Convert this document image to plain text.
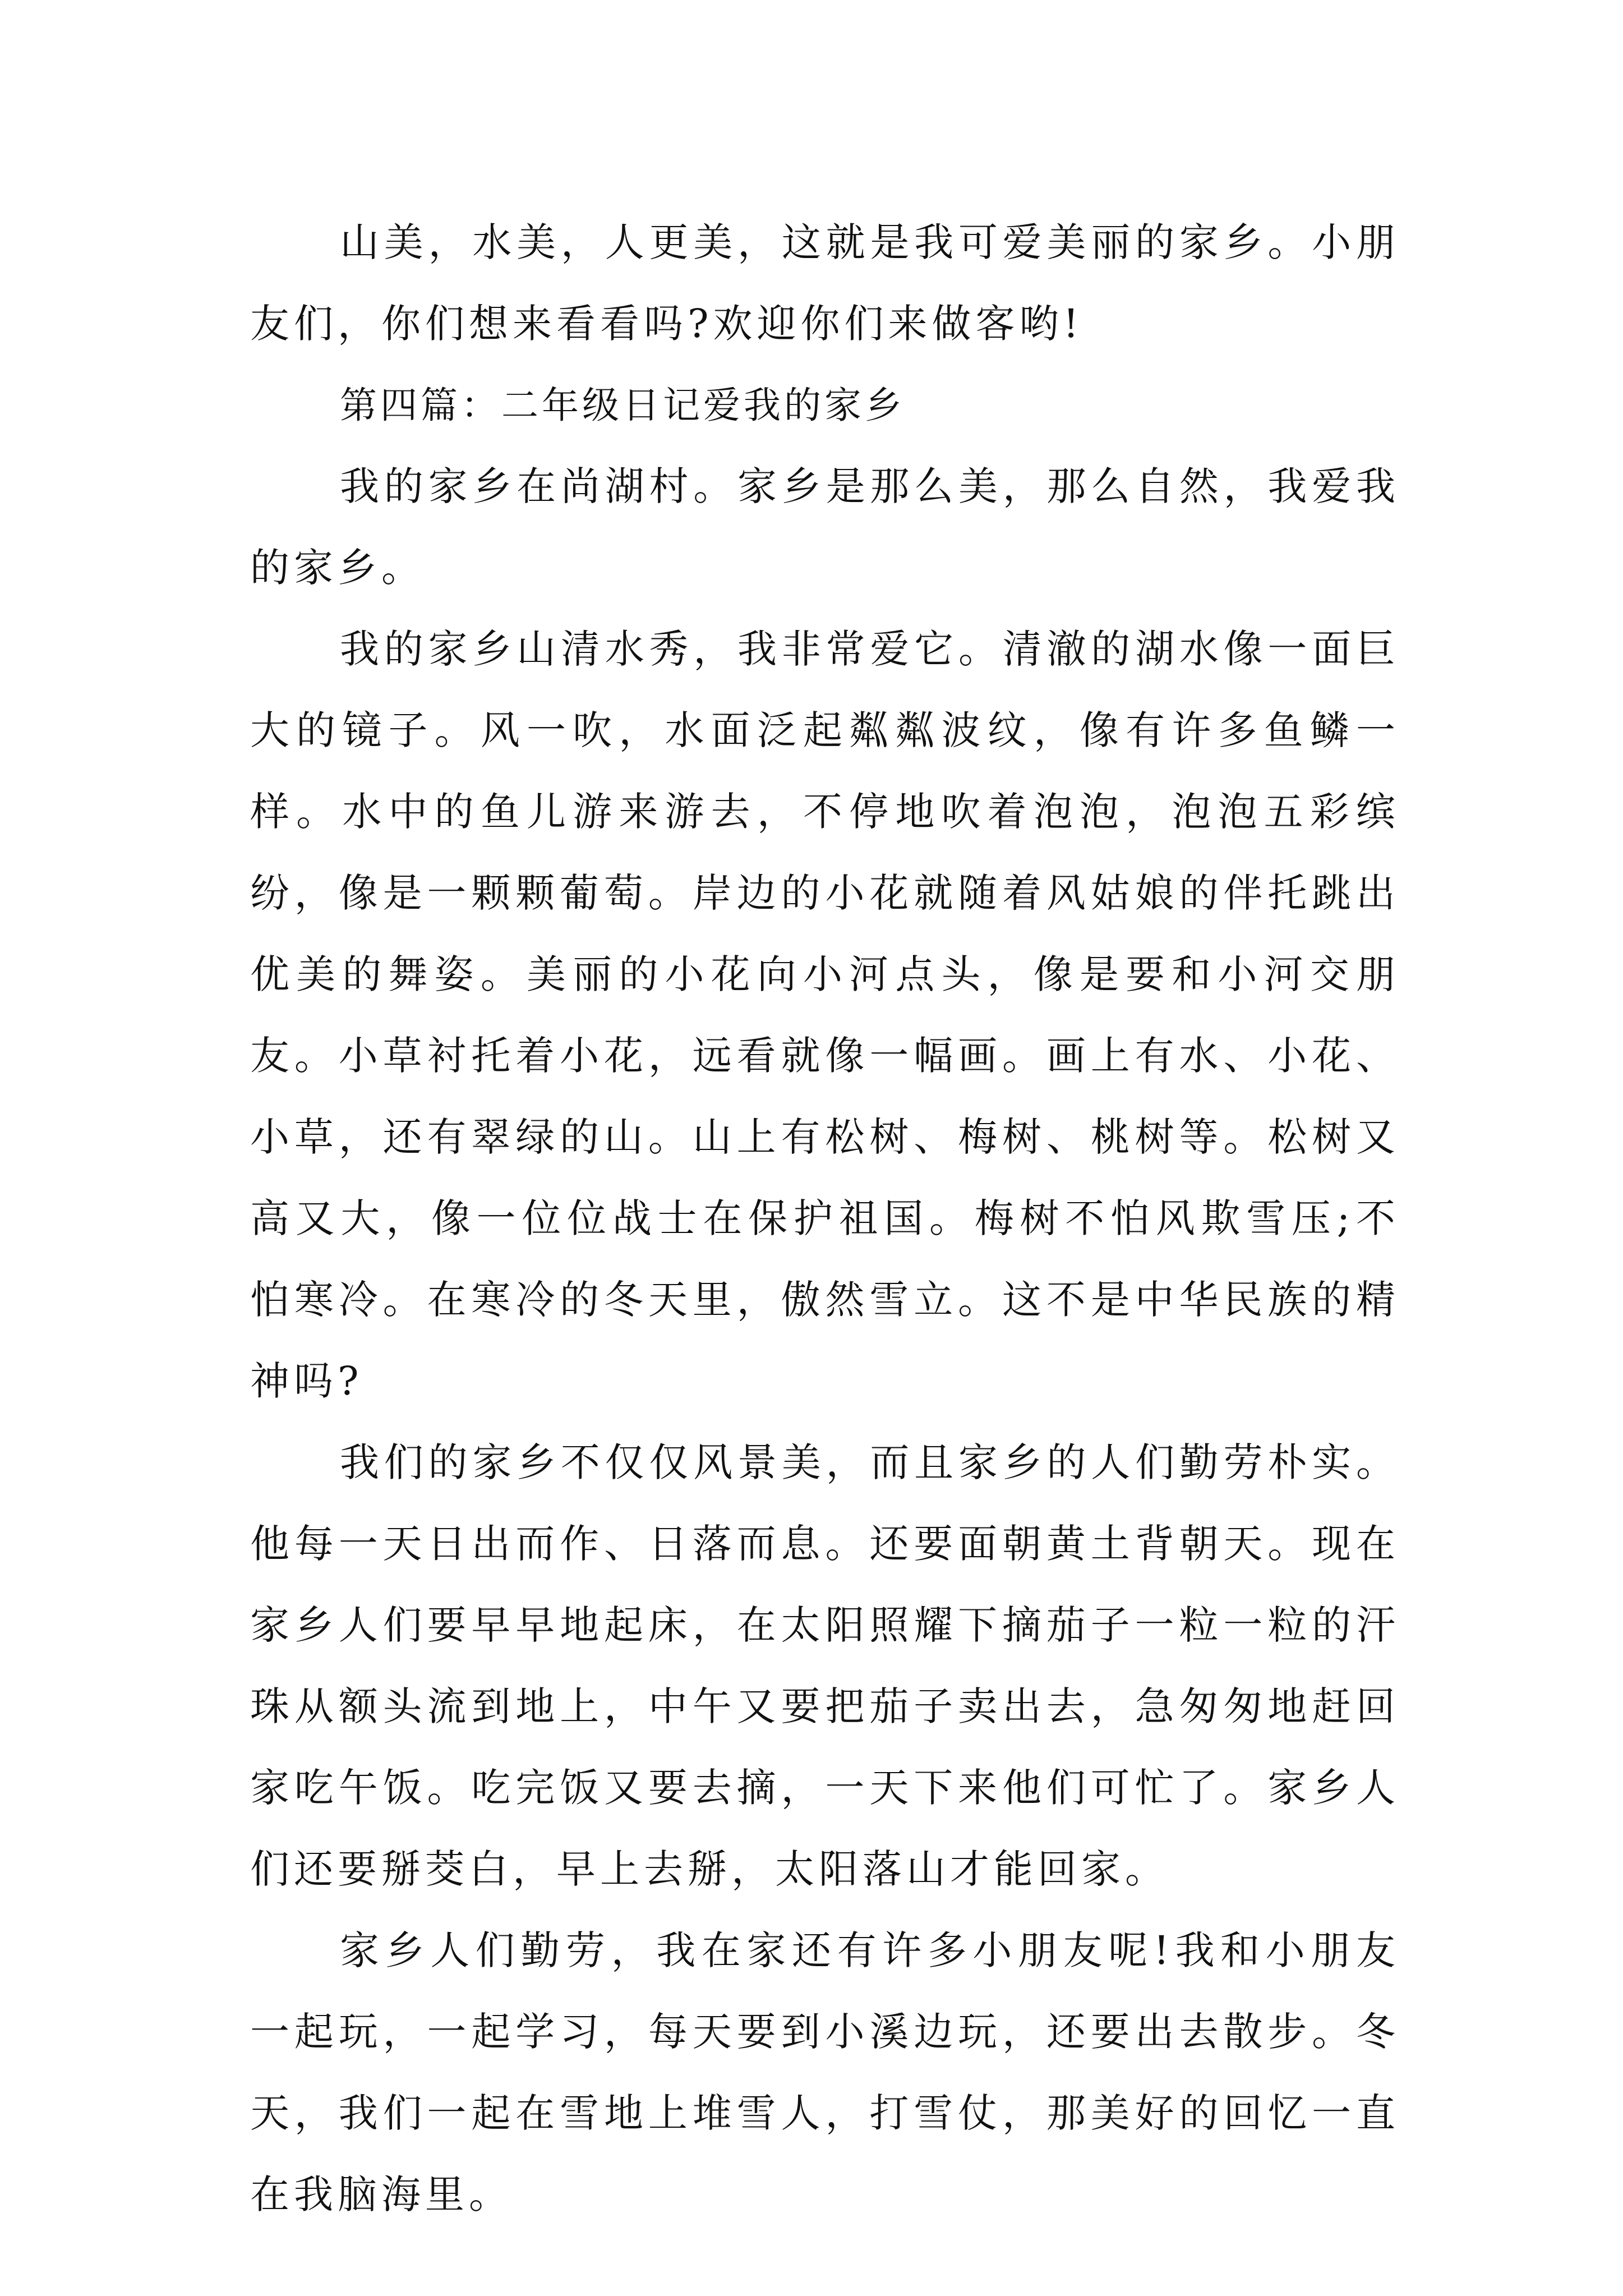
山美，水美，人更美，这就是我可爱美丽的家乡。小朋友们，你们想来看看吗?欢迎你们来做客哟!

第四篇：二年级日记爱我的家乡

我的家乡在尚湖村。家乡是那么美，那么自然，我爱我的家乡。

我的家乡山清水秀，我非常爱它。清澈的湖水像一面巨大的镜子。风一吹，水面泛起粼粼波纹，像有许多鱼鳞一样。水中的鱼儿游来游去，不停地吹着泡泡，泡泡五彩缤纷，像是一颗颗葡萄。岸边的小花就随着风姑娘的伴托跳出优美的舞姿。美丽的小花向小河点头，像是要和小河交朋友。小草衬托着小花，远看就像一幅画。画上有水、小花、小草，还有翠绿的山。山上有松树、梅树、桃树等。松树又高又大，像一位位战士在保护祖国。梅树不怕风欺雪压;不怕寒冷。在寒冷的冬天里，傲然雪立。这不是中华民族的精神吗?

我们的家乡不仅仅风景美，而且家乡的人们勤劳朴实。他每一天日出而作、日落而息。还要面朝黄土背朝天。现在家乡人们要早早地起床，在太阳照耀下摘茄子一粒一粒的汗珠从额头流到地上，中午又要把茄子卖出去，急匆匆地赶回家吃午饭。吃完饭又要去摘，一天下来他们可忙了。家乡人们还要掰茭白，早上去掰，太阳落山才能回家。

家乡人们勤劳，我在家还有许多小朋友呢!我和小朋友一起玩，一起学习，每天要到小溪边玩，还要出去散步。冬天，我们一起在雪地上堆雪人，打雪仗，那美好的回忆一直在我脑海里。
